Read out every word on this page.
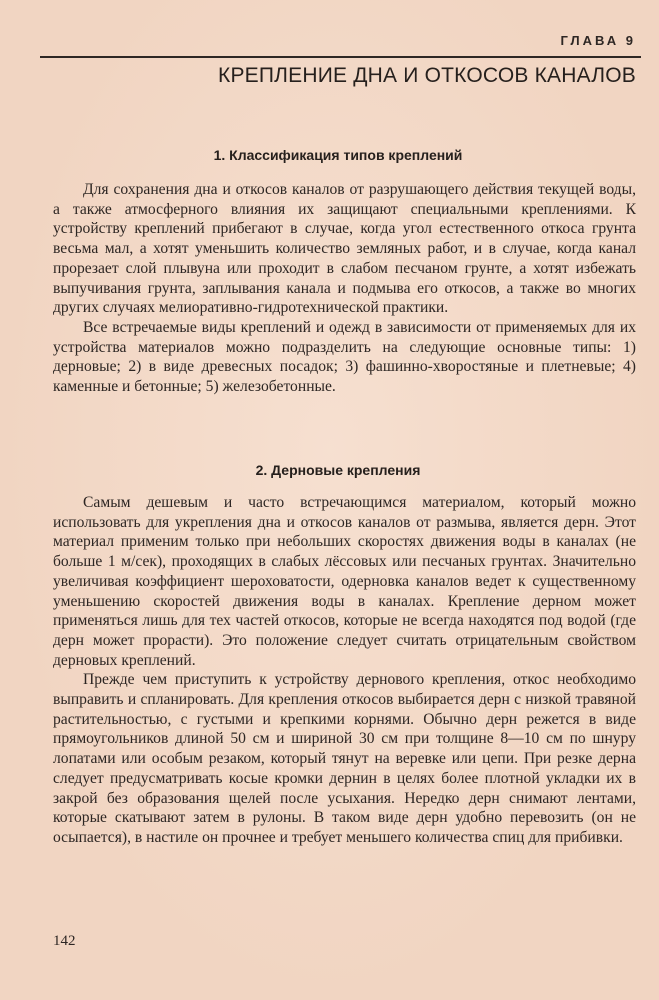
ГЛАВА 9
КРЕПЛЕНИЕ ДНА И ОТКОСОВ КАНАЛОВ
1. Классификация типов креплений

Для сохранения дна и откосов каналов от разрушающего действия текущей воды, а также атмосферного влияния их защищают специальными креплениями. К устройству креплений прибегают в случае, когда угол естественного откоса грунта весьма мал, а хотят уменьшить количество земляных работ, и в случае, когда канал прорезает слой плывуна или проходит в слабом песчаном грунте, а хотят избежать выпучивания грунта, заплывания канала и подмыва его откосов, а также во многих других случаях мелиоративно-гидротехнической практики.

Все встречаемые виды креплений и одежд в зависимости от применяемых для их устройства материалов можно подразделить на следующие основные типы: 1) дерновые; 2) в виде древесных посадок; 3) фашинно-хворостяные и плетневые; 4) каменные и бетонные; 5) железобетонные.

2. Дерновые крепления

Самым дешевым и часто встречающимся материалом, который можно использовать для укрепления дна и откосов каналов от размыва, является дерн. Этот материал применим только при небольших скоростях движения воды в каналах (не больше 1 м/сек), проходящих в слабых лёссовых или песчаных грунтах. Значительно увеличивая коэффициент шероховатости, одерновка каналов ведет к существенному уменьшению скоростей движения воды в каналах. Крепление дерном может применяться лишь для тех частей откосов, которые не всегда находятся под водой (где дерн может прорасти). Это положение следует считать отрицательным свойством дерновых креплений.

Прежде чем приступить к устройству дернового крепления, откос необходимо выправить и спланировать. Для крепления откосов выбирается дерн с низкой травяной растительностью, с густыми и крепкими корнями. Обычно дерн режется в виде прямоугольников длиной 50 см и шириной 30 см при толщине 8—10 см по шнуру лопатами или особым резаком, который тянут на веревке или цепи. При резке дерна следует предусматривать косые кромки дернин в целях более плотной укладки их в закрой без образования щелей после усыхания. Нередко дерн снимают лентами, которые скатывают затем в рулоны. В таком виде дерн удобно перевозить (он не осыпается), в настиле он прочнее и требует меньшего количества спиц для прибивки.

142
